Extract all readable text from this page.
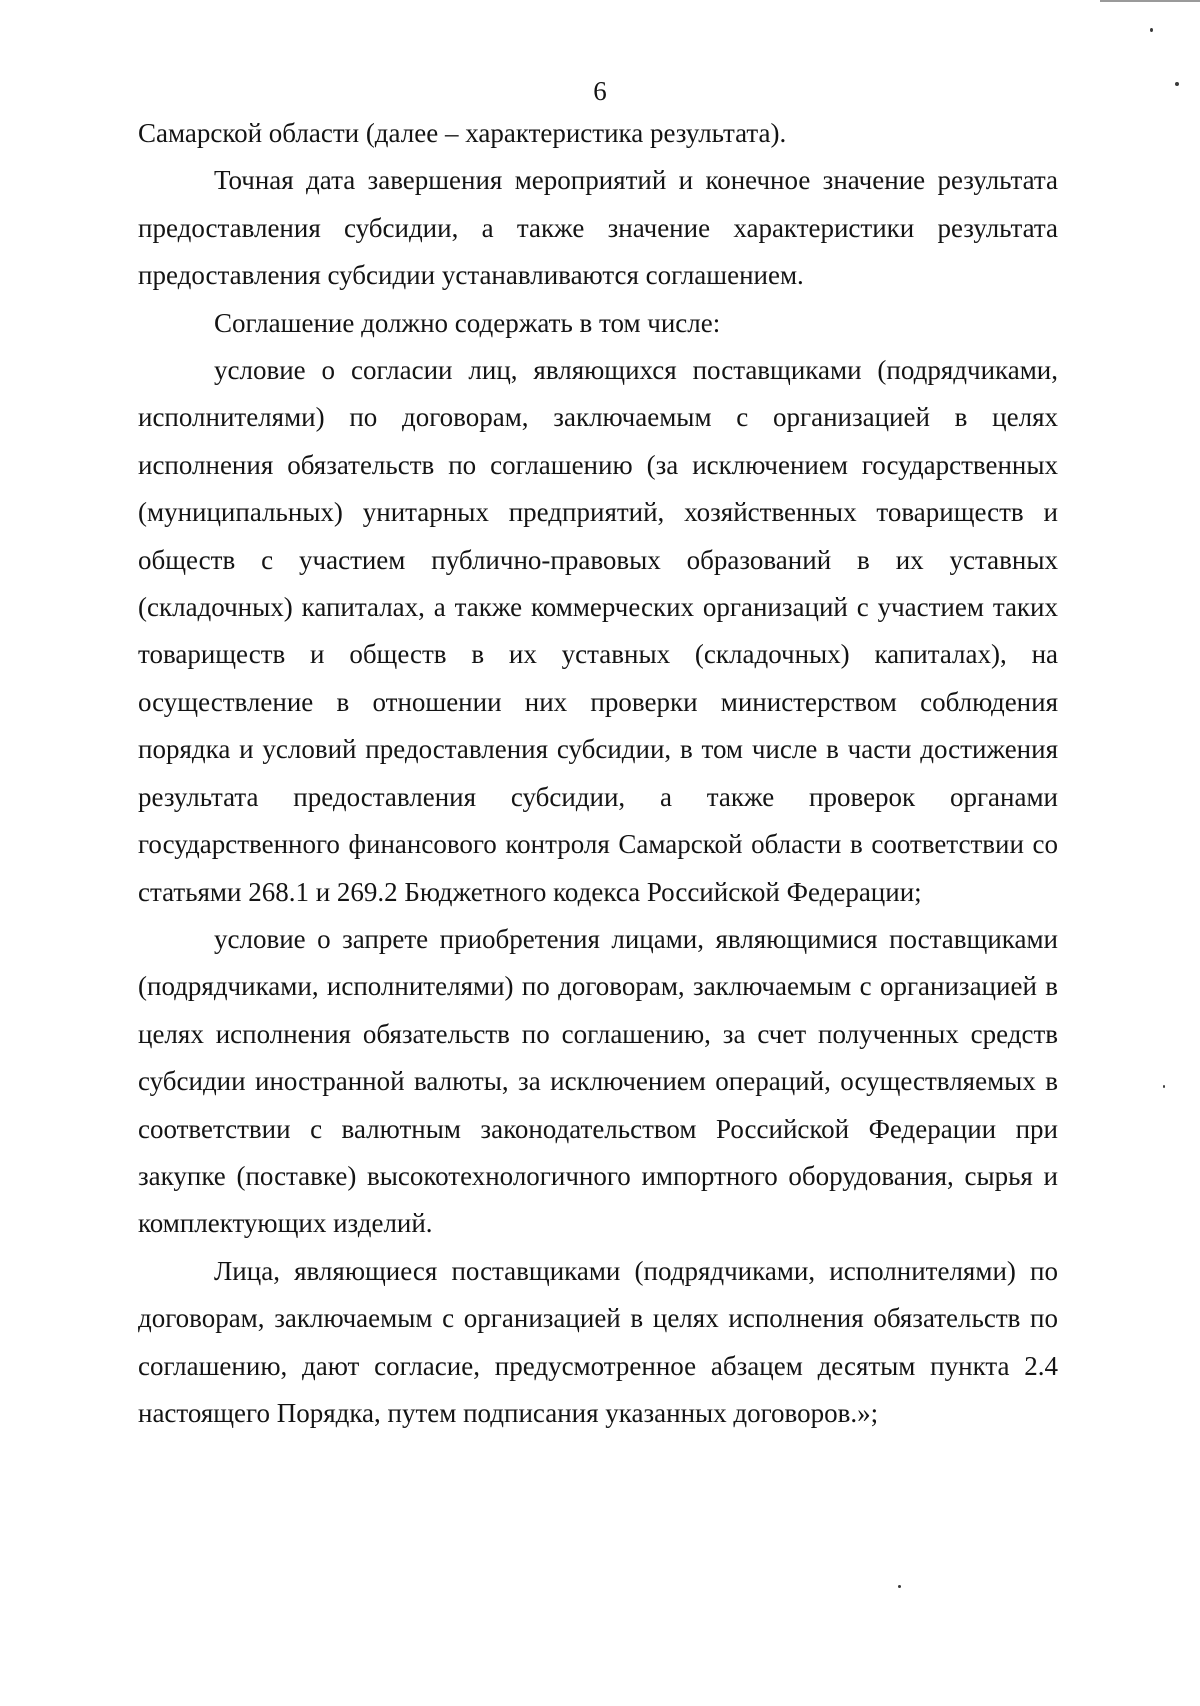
6

Самарской области (далее – характеристика результата).

Точная дата завершения мероприятий и конечное значение результата предоставления субсидии, а также значение характеристики результата предоставления субсидии устанавливаются соглашением.

Соглашение должно содержать в том числе:

условие о согласии лиц, являющихся поставщиками (подрядчиками, исполнителями) по договорам, заключаемым с организацией в целях исполнения обязательств по соглашению (за исключением государственных (муниципальных) унитарных предприятий, хозяйственных товариществ и обществ с участием публично-правовых образований в их уставных (складочных) капиталах, а также коммерческих организаций с участием таких товариществ и обществ в их уставных (складочных) капиталах), на осуществление в отношении них проверки министерством соблюдения порядка и условий предоставления субсидии, в том числе в части достижения результата предоставления субсидии, а также проверок органами государственного финансового контроля Самарской области в соответствии со статьями 268.1 и 269.2 Бюджетного кодекса Российской Федерации;

условие о запрете приобретения лицами, являющимися поставщиками (подрядчиками, исполнителями) по договорам, заключаемым с организацией в целях исполнения обязательств по соглашению, за счет полученных средств субсидии иностранной валюты, за исключением операций, осуществляемых в соответствии с валютным законодательством Российской Федерации при закупке (поставке) высокотехнологичного импортного оборудования, сырья и комплектующих изделий.

Лица, являющиеся поставщиками (подрядчиками, исполнителями) по договорам, заключаемым с организацией в целях исполнения обязательств по соглашению, дают согласие, предусмотренное абзацем десятым пункта 2.4 настоящего Порядка, путем подписания указанных договоров.»;
